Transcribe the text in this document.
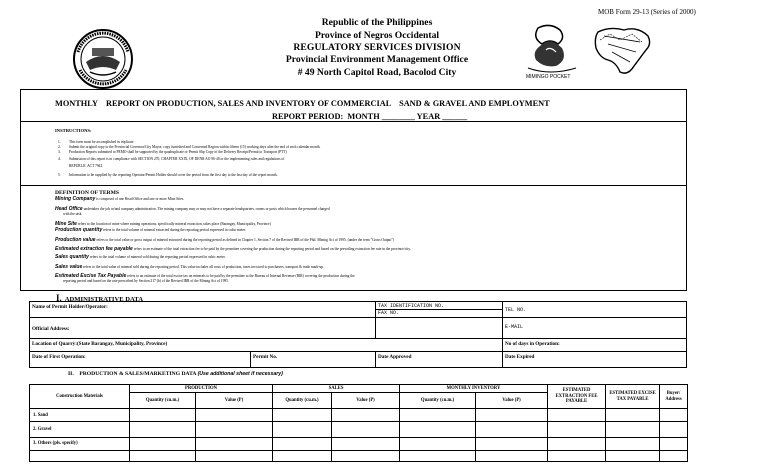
MOB Form 29-13 (Series of 2000)
MIMINGO POCKET
Republic of the Philippines
Province of Negros Occidental
REGULATORY SERVICES DIVISION
Provincial Environment Management Office
# 49 North Capitol Road, Bacolod City
MONTHLY    REPORT ON PRODUCTION, SALES AND INVENTORY OF COMMERCIAL    SAND & GRAVEL AND EMPLOYMENT
REPORT PERIOD:  MONTH ________ YEAR ______
INSTRUCTIONS:
1. This form must be accomplished in triplicate
2. Submit the original copy to the Provincial Governor/City Mayor, copy furnished and Concerned Region within fifteen (15) working days after the end of each calendar month.
3. Production Reports submitted to PEMO shall be supported by the quadruplicate or Permit Slip Copy of the Delivery Receipt/Permit to Transport (PTT)
4. Submission of this report is in compliance with SECTION 270, CHAPTER XXIX, OF DENR AO 96-40 or the implementing rules and regulations of
REPUBLIC ACT 7942
5. Information to be supplied by the reporting Operator/Permit Holder should cover the period from the first day to the last day of the report month.
DEFINITION OF TERMS
Mining Company is composed of one Head Office and one or more Mine Sites.
Head Office undertakes the job or/and company administration. The mining company may or may not have a separate headquarters, rooms or posts which houses the personnel charged
with the task.
Mine Site refers to the location of mine where mining operations, specifically mineral extraction, takes place (Barangay, Municipality, Province)
Production quantity refers to the total volume of mineral extracted during the reporting period expressed in cubic meter.
Production value refers to the total value or gross output of mineral extracted during the reporting period as defined in Chapter 1, Section 7 of the Revised IRR of the Phil. Mining Act of 1995. (under the term "Gross Output")
Estimated extraction fee payable refers to an estimate of the total extraction fee to be paid by the permittee covering the production during the reporting period and based on the prevailing extraction fee rate in the province/city.
Sales quantity refers to the total volume of mineral sold during the reporting period expressed in cubic meter.
Sales value refers to the total value of mineral sold during the reporting period. This value includes all costs of production, taxes invoiced to purchasers, transport & trade mark-up.
Estimated Excise Tax Payable refers to an estimate of the total excise tax on minerals to be paid by the permittee to the Bureau of Internal Revenue (BIR) covering the production during the
reporting period and based on the rate prescribed by Section 217 (b) of the Revised IRR of the Mining Act of 1995.
I. ADMINISTRATIVE DATA
Name of Permit Holder/Operator:	TAX IDENTIFICATION NO.
FAX NO.	TEL NO.
Official Address:	E-MAIL
Location of Quarry:(State Barangay, Municipality, Province)	No of days in Operation:
Date of First Operation:	Permit No.	Date Approved	Date Expired
II.    PRODUCTION & SALES/MARKETING DATA (Use additional sheet if necessary)
Construction Materials	PRODUCTION		SALES		MONTHLY INVENTORY		ESTIMATED EXTRACTION FEE PAYABLE	ESTIMATED EXCISE TAX PAYABLE	Buyer/ Address
	Quantity (cu.m.)	Value (P)	Quantity (cu.m.)	Value (P)	Quantity (cu.m.)	Value (P)			
1. Sand									
2. Gravel									
3. Others (pls. specify)									
